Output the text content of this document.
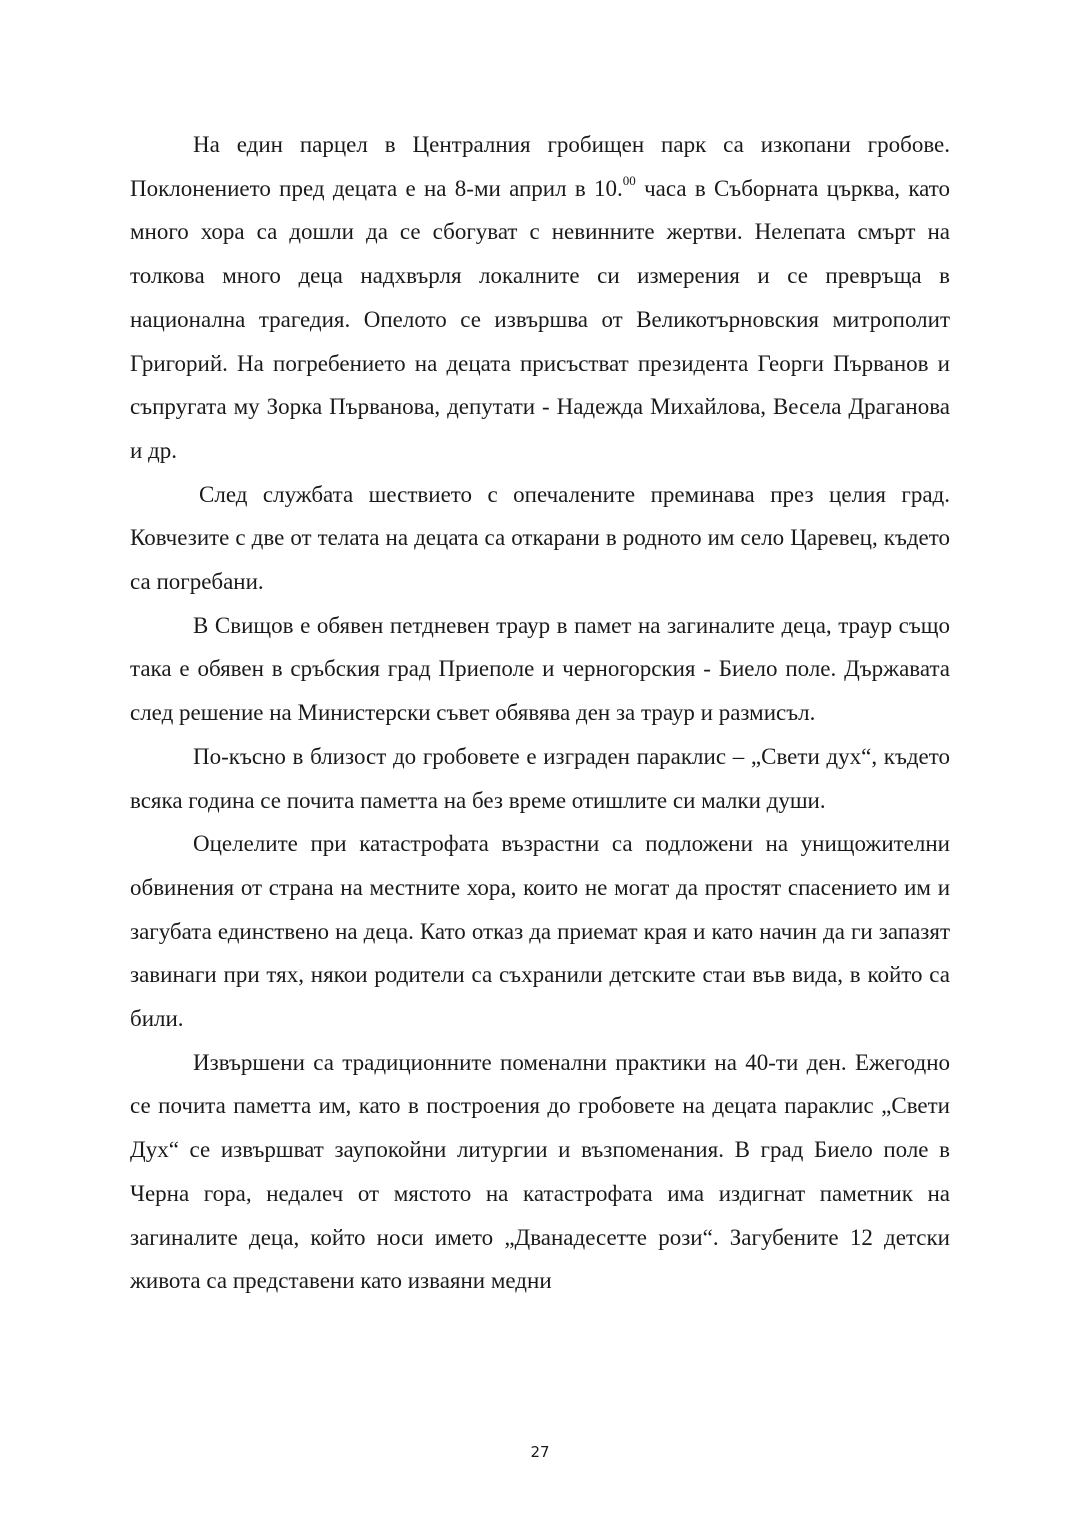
На един парцел в Централния гробищен парк са изкопани гробове. Поклонението пред децата е на 8-ми април в 10.00 часа в Съборната църква, като много хора са дошли да се сбогуват с невинните жертви. Нелепата смърт на толкова много деца надхвърля локалните си измерения и се превръща в национална трагедия. Опелото се извършва от Великотърновския митрополит Григорий. На погребението на децата присъстват президента Георги Първанов и съпругата му Зорка Първанова, депутати - Надежда Михайлова, Весела Драганова и др.

След службата шествието с опечалените преминава през целия град. Ковчезите с две от телата на децата са откарани в родното им село Царевец, където са погребани.

В Свищов е обявен петдневен траур в памет на загиналите деца, траур също така е обявен в сръбския град Приеполе и черногорския - Биело поле. Държавата след решение на Министерски съвет обявява ден за траур и размисъл.

По-късно в близост до гробовете е изграден параклис – „Свети дух“, където всяка година се почита паметта на без време отишлите си малки души.

Оцелелите при катастрофата възрастни са подложени на унищожителни обвинения от страна на местните хора, които не могат да простят спасението им и загубата единствено на деца. Като отказ да приемат края и като начин да ги запазят завинаги при тях, някои родители са съхранили детските стаи във вида, в който са били.

Извършени са традиционните поменални практики на 40-ти ден. Ежегодно се почита паметта им, като в построения до гробовете на децата параклис „Свети Дух“ се извършват заупокойни литургии и възпоменания. В град Биело поле в Черна гора, недалеч от мястото на катастрофата има издигнат паметник на загиналите деца, който носи името „Дванадесетте рози“. Загубените 12 детски живота са представени като изваяни медни

27
